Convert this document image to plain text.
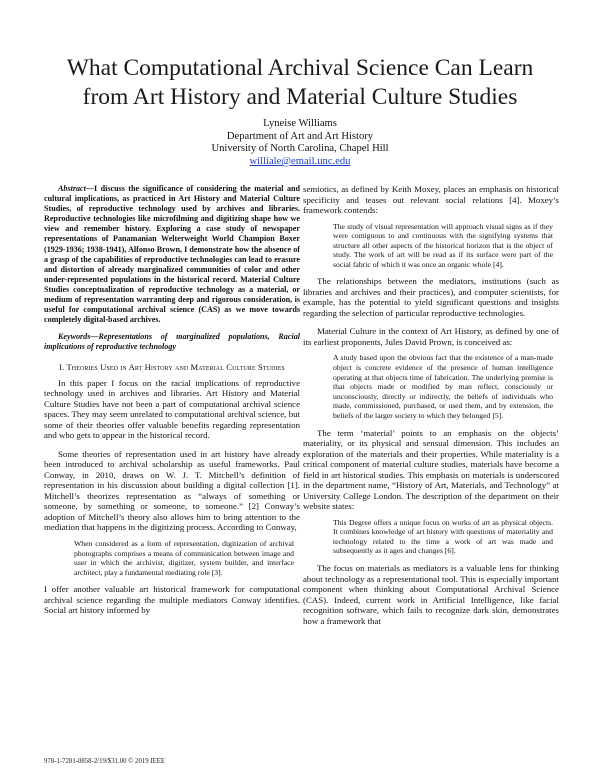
What Computational Archival Science Can Learn
from Art History and Material Culture Studies
Lyneise Williams
Department of Art and Art History
University of North Carolina, Chapel Hill
williale@email.unc.edu

Abstract—I discuss the significance of considering the material and cultural implications, as practiced in Art History and Material Culture Studies, of reproductive technology used by archives and libraries. Reproductive technologies like microfilming and digitizing shape how we view and remember history. Exploring a case study of newspaper representations of Panamanian Welterweight World Champion Boxer (1929-1936; 1938-1941), Alfonso Brown, I demonstrate how the absence of a grasp of the capabilities of reproductive technologies can lead to erasure and distortion of already marginalized communities of color and other under-represented populations in the historical record. Material Culture Studies conceptualization of reproductive technology as a material, or medium of representation warranting deep and rigorous consideration, is useful for computational archival science (CAS) as we move towards completely digital-based archives.

Keywords—Representations of marginalized populations, Racial implications of reproductive technology

I. Theories Used in Art History and Material Culture Studies

In this paper I focus on the racial implications of reproductive technology used in archives and libraries. Art History and Material Culture Studies have not been a part of computational archival science spaces. They may seem unrelated to computational archival science, but some of their theories offer valuable benefits regarding representation and who gets to appear in the historical record.

Some theories of representation used in art history have already been introduced to archival scholarship as useful frameworks. Paul Conway, in 2010, draws on W. J. T. Mitchell’s definition of representation in his discussion about building a digital collection [1]. Mitchell’s theorizes representation as “always of something or someone, by something or someone, to someone.” [2] Conway’s adoption of Mitchell’s theory also allows him to bring attention to the mediation that happens in the digitizing process. According to Conway,

When considered as a form of representation, digitization of archival photographs comprises a means of communication between image and user in which the archivist, digitizer, system builder, and interface architect, play a fundamental mediating role [3].

I offer another valuable art historical framework for computational archival science regarding the multiple mediators Conway identifies. Social art history informed by

semiotics, as defined by Keith Moxey, places an emphasis on historical specificity and teases out relevant social relations [4]. Moxey’s framework contends:

The study of visual representation will approach visual signs as if they were contiguous to and continuous with the signifying systems that structure all other aspects of the historical horizon that is the object of study. The work of art will be read as if its surface were part of the social fabric of which it was once an organic whole [4].

The relationships between the mediators, institutions (such as libraries and archives and their practices), and computer scientists, for example, has the potential to yield significant questions and insights regarding the selection of particular reproductive technologies.

Material Culture in the context of Art History, as defined by one of its earliest proponents, Jules David Prown, is conceived as:

A study based upon the obvious fact that the existence of a man-made object is concrete evidence of the presence of human intelligence operating at that objects time of fabrication. The underlying premise is that objects made or modified by man reflect, consciously or unconsciously, directly or indirectly, the beliefs of individuals who made, commissioned, purchased, or used them, and by extension, the beliefs of the larger society to which they belonged [5].

The term ‘material’ points to an emphasis on the objects’ materiality, or its physical and sensual dimension. This includes an exploration of the materials and their properties. While materiality is a critical component of material culture studies, materials have become a field in art historical studies. This emphasis on materials is underscored in the department name, “History of Art, Materials, and Technology” at University College London. The description of the department on their website states:

This Degree offers a unique focus on works of art as physical objects. It combines knowledge of art history with questions of materiality and technology related to the time a work of art was made and subsequently as it ages and changes [6].

The focus on materials as mediators is a valuable lens for thinking about technology as a representational tool. This is especially important component when thinking about Computational Archival Science (CAS). Indeed, current work in Artificial Intelligence, like facial recognition software, which fails to recognize dark skin, demonstrates how a framework that

978-1-7281-0858-2/19/$31.00 © 2019 IEEE
